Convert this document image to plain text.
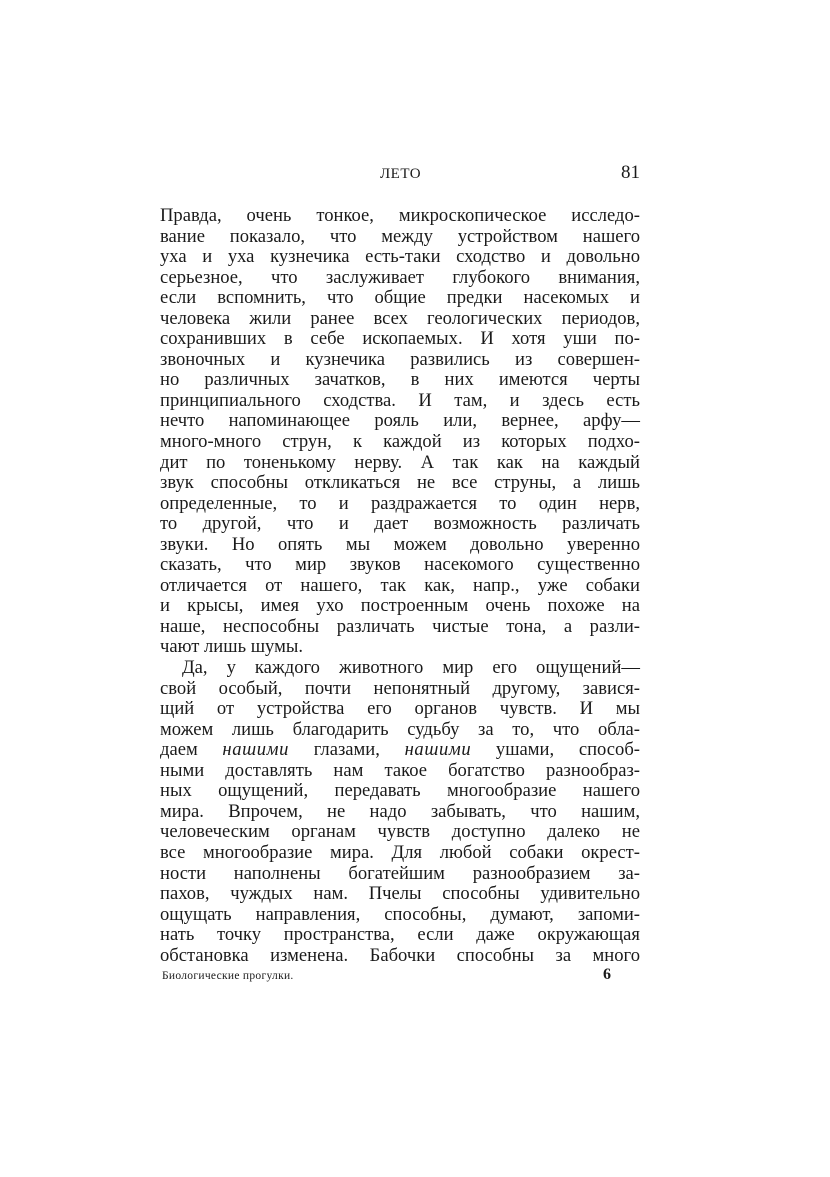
ЛЕТО	81
Правда, очень тонкое, микроскопическое исследо-
вание показало, что между устройством нашего
уха и уха кузнечика есть-таки сходство и довольно
серьезное, что заслуживает глубокого внимания,
если вспомнить, что общие предки насекомых и
человека жили ранее всех геологических периодов,
сохранивших в себе ископаемых. И хотя уши по-
звоночных и кузнечика развились из совершен-
но различных зачатков, в них имеются черты
принципиального сходства. И там, и здесь есть
нечто напоминающее рояль или, вернее, арфу—
много-много струн, к каждой из которых подхо-
дит по тоненькому нерву. А так как на каждый
звук способны откликаться не все струны, а лишь
определенные, то и раздражается то один нерв,
то другой, что и дает возможность различать
звуки. Но опять мы можем довольно уверенно
сказать, что мир звуков насекомого существенно
отличается от нашего, так как, напр., уже собаки
и крысы, имея ухо построенным очень похоже на
наше, неспособны различать чистые тона, а разли-
чают лишь шумы.
Да, у каждого животного мир его ощущений—
свой особый, почти непонятный другому, завися-
щий от устройства его органов чувств. И мы
можем лишь благодарить судьбу за то, что обла-
даем нашими глазами, нашими ушами, способ-
ными доставлять нам такое богатство разнообраз-
ных ощущений, передавать многообразие нашего
мира. Впрочем, не надо забывать, что нашим,
человеческим органам чувств доступно далеко не
все многообразие мира. Для любой собаки окрест-
ности наполнены богатейшим разнообразием за-
пахов, чуждых нам. Пчелы способны удивительно
ощущать направления, способны, думают, запоми-
нать точку пространства, если даже окружающая
обстановка изменена. Бабочки способны за много
Биологические прогулки.	6
